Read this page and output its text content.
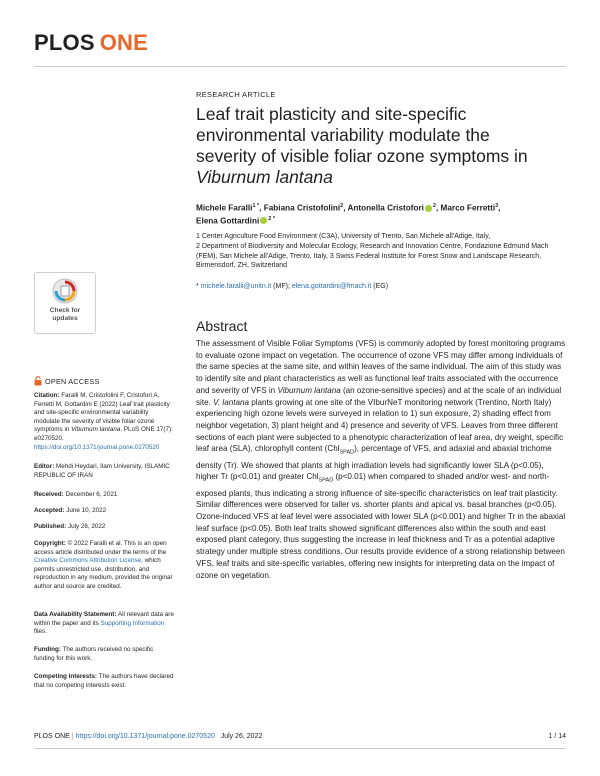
PLOS ONE
RESEARCH ARTICLE
Leaf trait plasticity and site-specific
environmental variability modulate the
severity of visible foliar ozone symptoms in
Viburnum lantana
Michele Faralli$^{1 *}$, Fabiana Cristofolini$^2$, Antonella Cristofori $^2$, Marco Ferretti$^3$,
Elena Gottardini $^{2 *}$
1 Center Agriculture Food Environment (C3A), University of Trento, San Michele all'Adige, Italy,
2 Department of Biodiversity and Molecular Ecology, Research and Innovation Centre, Fondazione Edmund Mach (FEM), San Michele all'Adige, Trento, Italy, 3 Swiss Federal Institute for Forest Snow and Landscape Research, Birmensdorf, ZH, Switzerland
* michele.faralli@unitn.it (MF); elena.gottardini@fmach.it (EG)
Check for
updates
OPEN ACCESS
Citation: Faralli M, Cristofolini F, Cristofori A, Ferretti M, Gottardini E (2022) Leaf trait plasticity and site-specific environmental variability modulate the severity of visible foliar ozone symptoms in Viburnum lantana. PLoS ONE 17(7): e0270520. https://doi.org/10.1371/journal.pone.0270520
Editor: Mehdi Heydari, Ilam University, ISLAMIC REPUBLIC OF IRAN
Received: December 6, 2021
Accepted: June 10, 2022
Published: July 26, 2022
Copyright: © 2022 Faralli et al. This is an open access article distributed under the terms of the Creative Commons Attribution License, which permits unrestricted use, distribution, and reproduction in any medium, provided the original author and source are credited.
Data Availability Statement: All relevant data are within the paper and its Supporting Information files.
Funding: The authors received no specific funding for this work.
Competing interests: The authors have declared that no competing interests exist.
Abstract
The assessment of Visible Foliar Symptoms (VFS) is commonly adopted by forest monitoring programs to evaluate ozone impact on vegetation. The occurrence of ozone VFS may differ among individuals of the same species at the same site, and within leaves of the same individual. The aim of this study was to identify site and plant characteristics as well as functional leaf traits associated with the occurrence and severity of VFS in Viburnum lantana (an ozone-sensitive species) and at the scale of an individual site. V. lantana plants growing at one site of the VIburNeT monitoring network (Trentino, North Italy) experiencing high ozone levels were surveyed in relation to 1) sun exposure, 2) shading effect from neighbor vegetation, 3) plant height and 4) presence and severity of VFS. Leaves from three different sections of each plant were subjected to a phenotypic characterization of leaf area, dry weight, specific leaf area (SLA), chlorophyll content (Chl$_{SPAD}$), percentage of VFS, and adaxial and abaxial trichome density (Tr). We showed that plants at high irradiation levels had significantly lower SLA (p<0.05), higher Tr (p<0.01) and greater Chl$_{SPAD}$ (p<0.01) when compared to shaded and/or west- and north-exposed plants, thus indicating a strong influence of site-specific characteristics on leaf trait plasticity. Similar differences were observed for taller vs. shorter plants and apical vs. basal branches (p<0.05). Ozone-induced VFS at leaf level were associated with lower SLA (p<0.001) and higher Tr in the abaxial leaf surface (p<0.05). Both leaf traits showed significant differences also within the south and east exposed plant category, thus suggesting the increase in leaf thickness and Tr as a potential adaptive strategy under multiple stress conditions. Our results provide evidence of a strong relationship between VFS, leaf traits and site-specific variables, offering new insights for interpreting data on the impact of ozone on vegetation.
PLOS ONE | https://doi.org/10.1371/journal.pone.0270520 July 26, 2022	1 / 14
